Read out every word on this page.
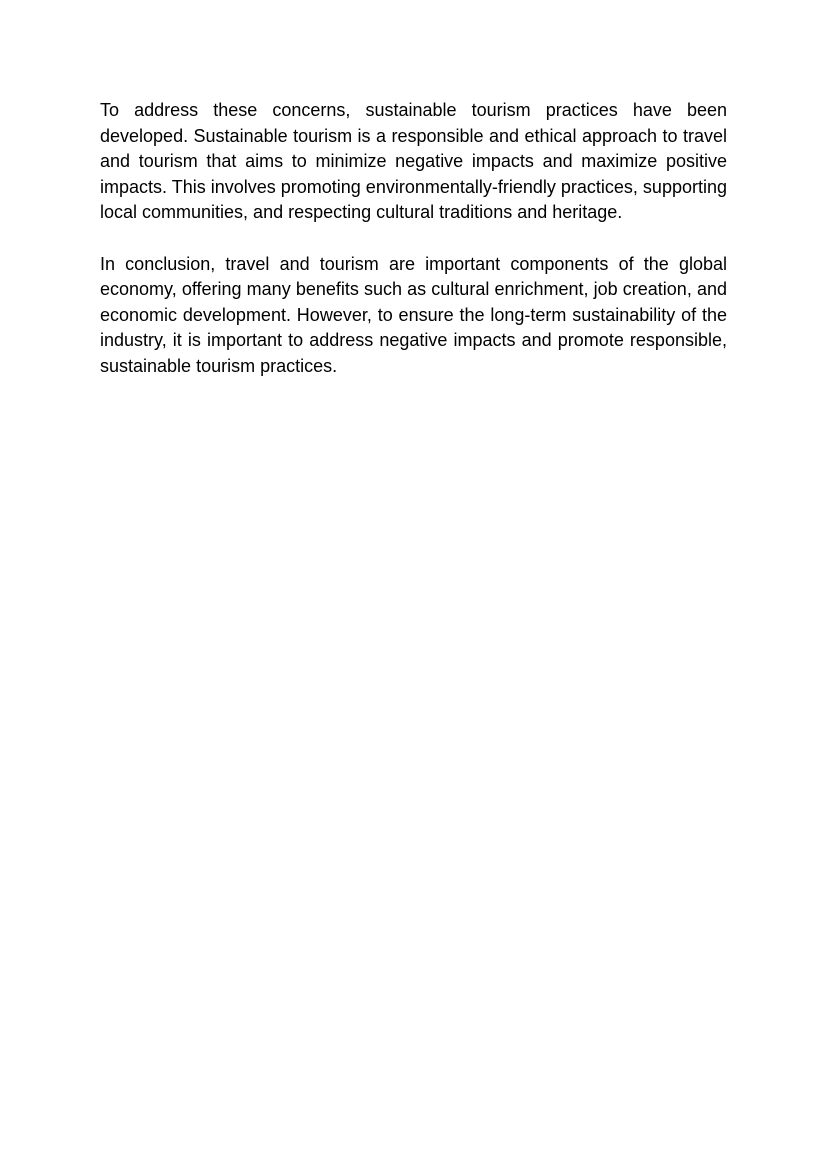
To address these concerns, sustainable tourism practices have been developed. Sustainable tourism is a responsible and ethical approach to travel and tourism that aims to minimize negative impacts and maximize positive impacts. This involves promoting environmentally-friendly practices, supporting local communities, and respecting cultural traditions and heritage.

In conclusion, travel and tourism are important components of the global economy, offering many benefits such as cultural enrichment, job creation, and economic development. However, to ensure the long-term sustainability of the industry, it is important to address negative impacts and promote responsible, sustainable tourism practices.
